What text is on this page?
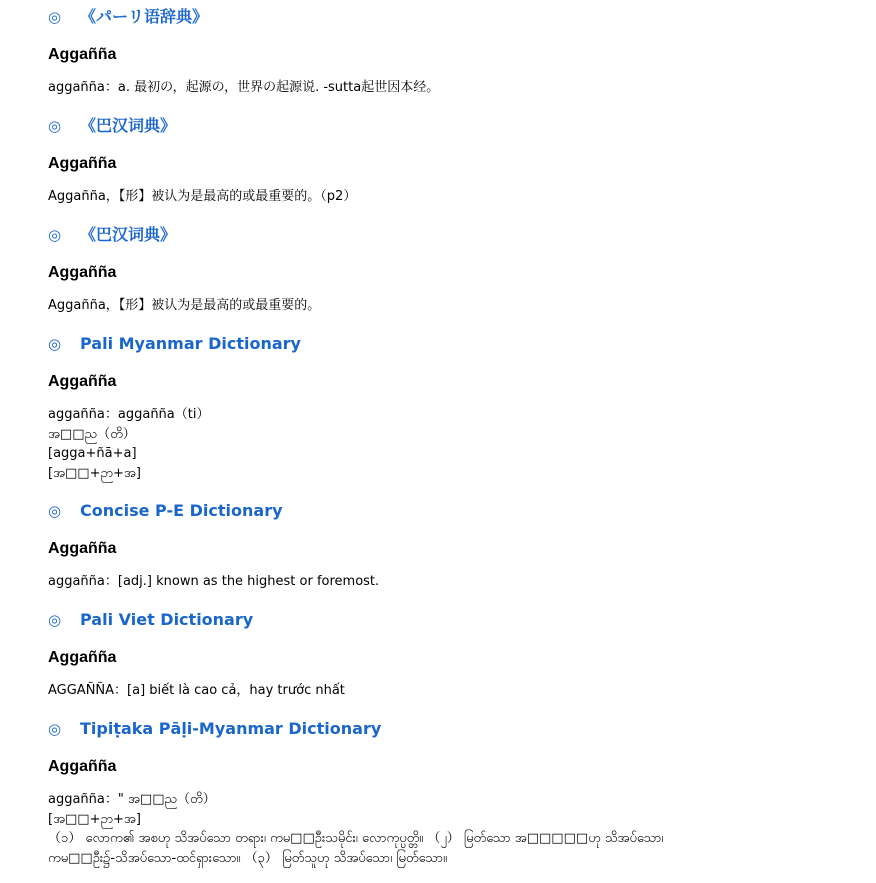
◎ 《パーリ语辞典》
Aggañña
aggañña：a. 最初の，起源の，世界の起源说. -sutta起世因本经。
◎ 《巴汉词典》
Aggañña
Aggañña，【形】被认为是最高的或最重要的。（p2）
◎ 《巴汉词典》
Aggañña
Aggañña，【形】被认为是最高的或最重要的。
◎ Pali Myanmar Dictionary
Aggañña
aggañña：aggañña（ti）
အ□□ည（တိ）
[agga+ñā+a]
[အ□□+ဉာ+အ]
◎ Concise P-E Dictionary
Aggañña
aggañña：[adj.] known as the highest or foremost.
◎ Pali Viet Dictionary
Aggañña
AGGAÑÑA：[a] biết là cao cả，hay trước nhất
◎ Tipiṭaka Pāḷi-Myanmar Dictionary
Aggañña
aggañña：" အ□□ည（တိ）
[အ□□+ဉာ+အ]
（၁） လောက၏ အစဟု သိအပ်သော တရား၊ ကမ□□ဦးသမိုင်း၊ လောကုပ္ပတ္တိ။ （၂） မြတ်သော အ□□□□□ဟု သိအပ်သော၊
ကမ□□ဦး၌-သိအပ်သော-ထင်ရှားသော။ （၃） မြတ်သူဟု သိအပ်သော၊ မြတ်သော။
